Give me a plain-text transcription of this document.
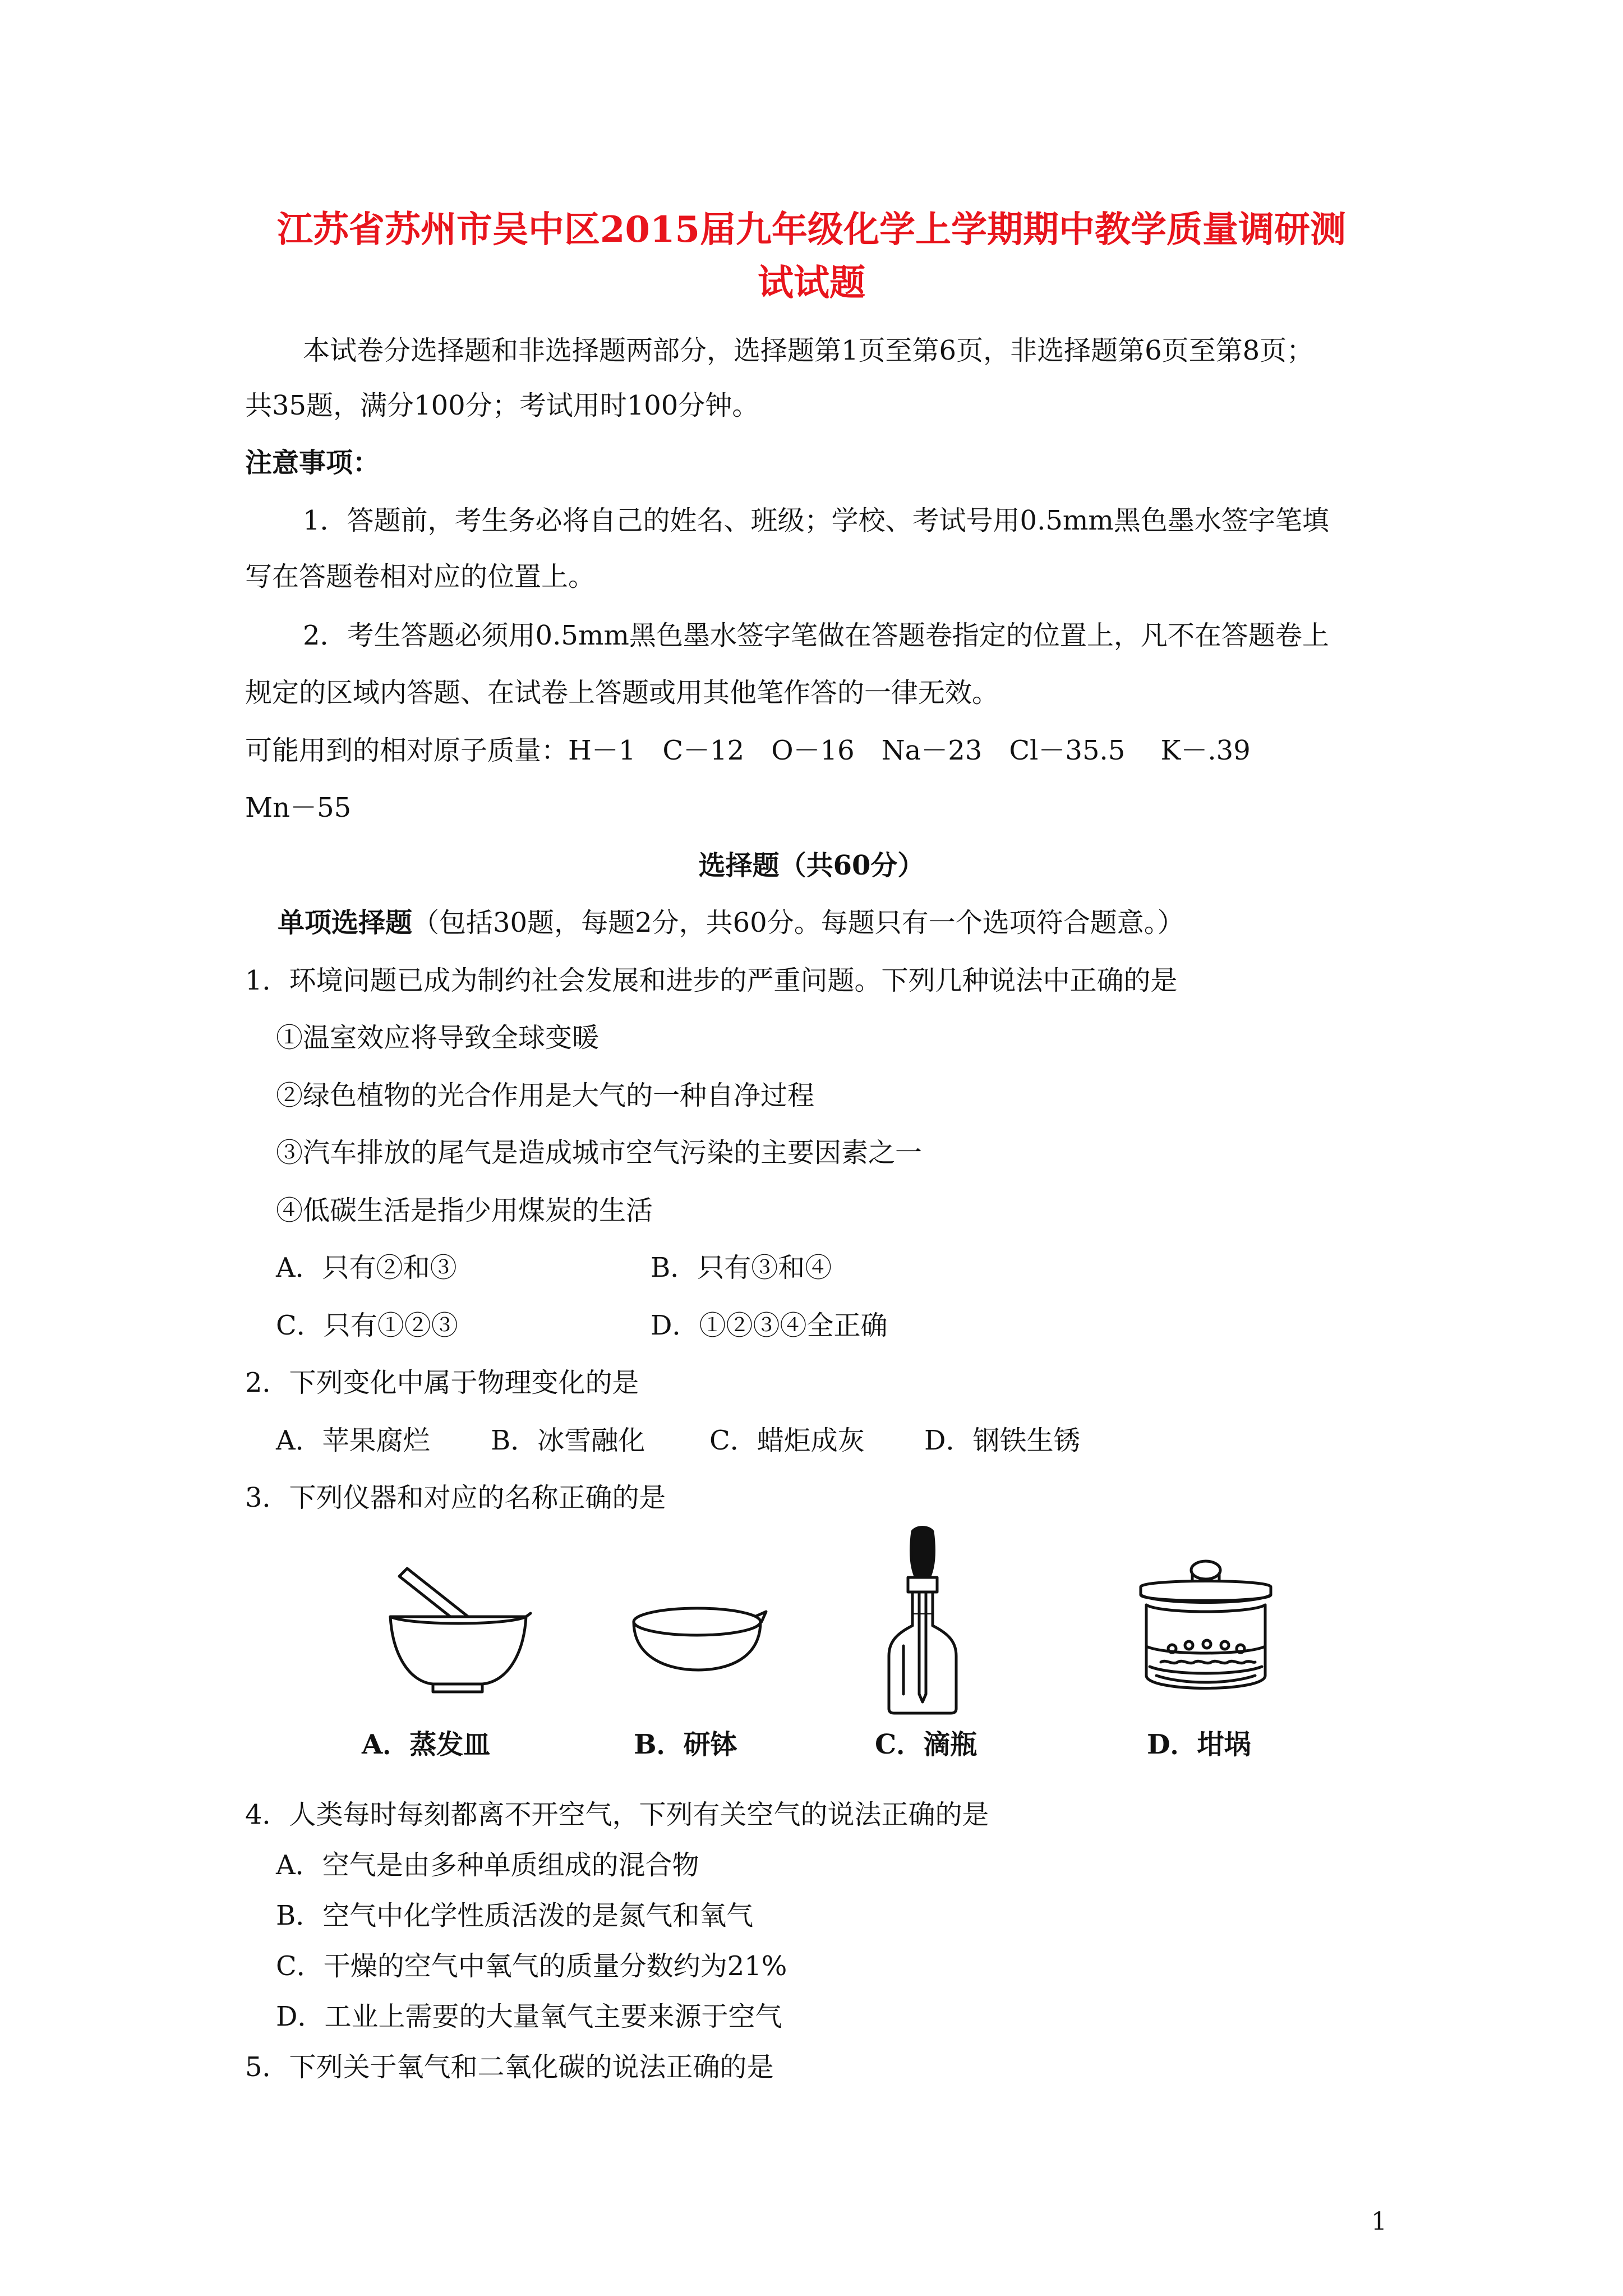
江苏省苏州市吴中区2015届九年级化学上学期期中教学质量调研测
试试题
本试卷分选择题和非选择题两部分，选择题第1页至第6页，非选择题第6页至第8页；
共35题，满分100分；考试用时100分钟。
注意事项：
1．答题前，考生务必将自己的姓名、班级；学校、考试号用0.5mm黑色墨水签字笔填
写在答题卷相对应的位置上。
2．考生答题必须用0.5mm黑色墨水签字笔做在答题卷指定的位置上，凡不在答题卷上
规定的区域内答题、在试卷上答题或用其他笔作答的一律无效。
可能用到的相对原子质量：H－1　C－12　O－16　Na－23　Cl－35.5　 K－.39
Mn－55
选择题（共60分）
单项选择题（包括30题，每题2分，共60分。每题只有一个选项符合题意。）
1．环境问题已成为制约社会发展和进步的严重问题。下列几种说法中正确的是
①温室效应将导致全球变暖
②绿色植物的光合作用是大气的一种自净过程
③汽车排放的尾气是造成城市空气污染的主要因素之一
④低碳生活是指少用煤炭的生活
A．只有②和③	B．只有③和④
C．只有①②③	D．①②③④全正确
2．下列变化中属于物理变化的是
A．苹果腐烂 B．冰雪融化 C．蜡炬成灰 D．钢铁生锈
3．下列仪器和对应的名称正确的是
A．蒸发皿	B．研钵	C．滴瓶	D．坩埚
4．人类每时每刻都离不开空气，下列有关空气的说法正确的是
A．空气是由多种单质组成的混合物
B．空气中化学性质活泼的是氮气和氧气
C．干燥的空气中氧气的质量分数约为21%
D．工业上需要的大量氧气主要来源于空气
5．下列关于氧气和二氧化碳的说法正确的是
1
